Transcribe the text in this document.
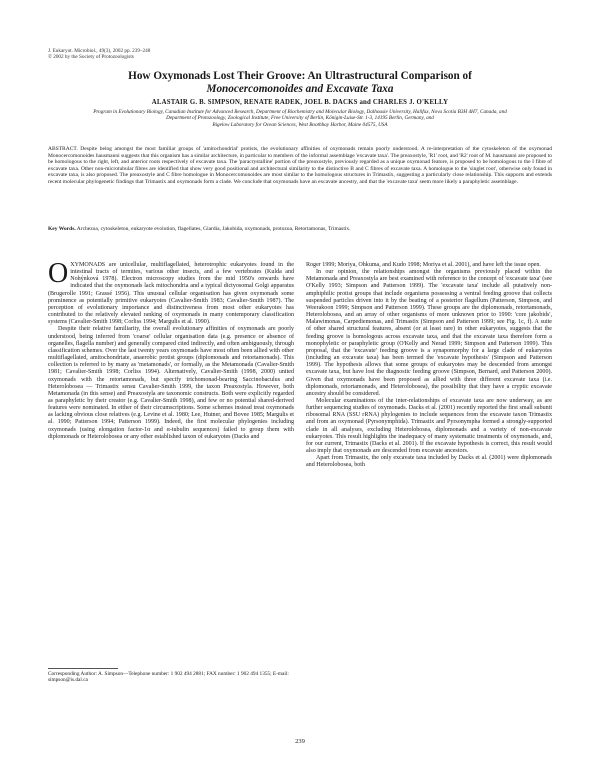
J. Eukaryot. Microbiol., 49(3), 2002 pp. 239–248
© 2002 by the Society of Protozoologists
How Oxymonads Lost Their Groove: An Ultrastructural Comparison of
Monocercomonoides and Excavate Taxa
ALASTAIR G. B. SIMPSON, RENATE RADEK, JOEL B. DACKS and CHARLES J. O'KELLY
Program in Evolutionary Biology, Canadian Institute for Advanced Research, Department of Biochemistry and Molecular Biology, Dalhousie University, Halifax, Nova Scotia B3H 4H7, Canada, and
Department of Protozoology, Zoological Institute, Free University of Berlin, Königin-Luise-Str. 1-3, 14195 Berlin, Germany, and
Bigelow Laboratory for Ocean Sciences, West Boothbay Harbor, Maine 04575, USA
ABSTRACT. Despite being amongst the most familiar groups of 'amitochondrial' protists, the evolutionary affinities of oxymonads remain poorly understood. A re-interpretation of the cytoskeleton of the oxymonad Monocercomonoides hausmanni suggests that this organism has a similar architecture, in particular to members of the informal assemblage 'excavate taxa'. The preaxostyle, 'R1' root, and 'R2' root of M. hausmanni are proposed to be homologous to the right, left, and anterior roots respectively of excavate taxa. The 'paracrystalline' portion of the preaxostyle, previously regarded as a unique oxymonad feature, is proposed to be homologous to the I fibre of excavate taxa. Other non-microtubular fibres are identified that show very good positional and architectural similarity to the distinctive B and C fibres of excavate taxa. A homologue to the 'singlet root', otherwise only found in excavate taxa, is also proposed. The preaxostyle and C fibre homologue in Monocercomonoides are most similar to the homologous structures in Trimastix, suggesting a particularly close relationship. This supports and extends recent molecular phylogenetic findings that Trimastix and oxymonads form a clade. We conclude that oxymonads have an excavate ancestry, and that the 'excavate taxa' seem more likely a paraphyletic assemblage.
Key Words. Archezoa, cytoskeleton, eukaryote evolution, flagellates, Giardia, Jakobida, oxymonads, protozoa, Retortamonas, Trimastix.

OXYMONADS are unicellular, multiflagellated, heterotrophic eukaryotes found in the intestinal tracts of termites, various other insects, and a few vertebrates (Kulda and Nohýnková 1978). Electron microscopy studies from the mid 1950's onwards have indicated that the oxymonads lack mitochondria and a typical dictyosomal Golgi apparatus (Brugerolle 1991; Grassé 1956). This unusual cellular organisation has given oxymonads some prominence as potentially primitive eukaryotes (Cavalier-Smith 1983; Cavalier-Smith 1987). The perception of evolutionary importance and distinctiveness from most other eukaryotes has contributed to the relatively elevated ranking of oxymonads in many contemporary classification systems (Cavalier-Smith 1998; Corliss 1994; Margulis et al. 1990).

Despite their relative familiarity, the overall evolutionary affinities of oxymonads are poorly understood, being inferred from 'coarse' cellular organisation data (e.g. presence or absence of organelles, flagella number) and generally compared cited indirectly, and often ambiguously, through classification schemes. Over the last twenty years oxymonads have most often been allied with other multiflagellated, amitochondriate, anaerobic protist groups (diplomonads and retortamonads). This collection is referred to by many as 'metamonads', or formally, as the Metamonada (Cavalier-Smith 1981; Cavalier-Smith 1998; Corliss 1994). Alternatively, Cavalier-Smith (1998, 2000) united oxymonads with the retortamonads, but specify trichomonad-bearing Saccinobaculus and Heterolobosea — Trimastix sensu Cavalier-Smith 1999, the taxon Preaxostyla. However, both Metamonada (in this sense) and Preaxostyla are taxonomic constructs. Both were explicitly regarded as paraphyletic by their creator (e.g. Cavalier-Smith 1998), and few or no potential shared-derived features were nominated. In either of their circumscriptions. Some schemes instead treat oxymonads as lacking obvious close relatives (e.g. Levine et al. 1980; Lee, Hutner, and Bovee 1985; Margulis et al. 1990; Patterson 1994; Patterson 1999). Indeed, the first molecular phylogenies including oxymonads (using elongation factor-1α and α-tubulin sequences) failed to group them with diplomonads or Heterolobosea or any other established taxon of eukaryotes (Dacks and

Roger 1999; Moriya, Ohkuma, and Kudo 1998; Moriya et al. 2001), and have left the issue open.

In our opinion, the relationships amongst the organisms previously placed within the Metamonada and Preaxostyla are best examined with reference to the concept of 'excavate taxa' (see O'Kelly 1993; Simpson and Patterson 1999). The 'excavate taxa' include all putatively non-amphiphilic protist groups that include organisms possessing a ventral feeding groove that collects suspended particles driven into it by the beating of a posterior flagellum (Patterson, Simpson, and Weerakoon 1999; Simpson and Patterson 1999). These groups are the diplomonads, retortamonads, Heterolobosea, and an array of other organisms of more unknown prior to 1990: 'core jakobids', Malawimonas, Carpediemonas, and Trimastix (Simpson and Patterson 1999; see Fig. 1c, f). A suite of other shared structural features, absent (or at least rare) in other eukaryotes, suggests that the feeding groove is homologous across excavate taxa, and that the excavate taxa therefore form a monophyletic or paraphyletic group (O'Kelly and Nerad 1999; Simpson and Patterson 1999). This proposal, that the 'excavate' feeding groove is a synapomorphy for a large clade of eukaryotes (including an excavate taxa) has been termed the 'excavate hypothesis' (Simpson and Patterson 1999). The hypothesis allows that some groups of eukaryotes may be descended from amongst excavate taxa, but have lost the diagnostic feeding groove (Simpson, Bernard, and Patterson 2000). Given that oxymonads have been proposed as allied with three different excavate taxa (i.e. diplomonads, retortamonads, and Heterolobosea), the possibility that they have a cryptic excavate ancestry should be considered.

Molecular examinations of the inter-relationships of excavate taxa are now underway, as are further sequencing studies of oxymonads. Dacks et al. (2001) recently reported the first small subunit ribosomal RNA (SSU rRNA) phylogenies to include sequences from the excavate taxon Trimastix and from an oxymonad (Pyrsonymphida). Trimastix and Pyrsonympha formed a strongly-supported clade in all analyses, excluding Heterolobosea, diplomonads and a variety of non-excavate eukaryotes. This result highlights the inadequacy of many systematic treatments of oxymonads, and, for our current, Trimastix (Dacks et al. 2001). If the excavate hypothesis is correct, this result would also imply that oxymonads are descended from excavate ancestors.

Apart from Trimastix, the only excavate taxa included by Dacks et al. (2001) were diplomonads and Heterolobosea, both

Corresponding Author: A. Simpson—Telephone number: 1 902 494 2881; FAX number: 1 902 494 1355; E-mail: simpson@is.dal.ca
239
